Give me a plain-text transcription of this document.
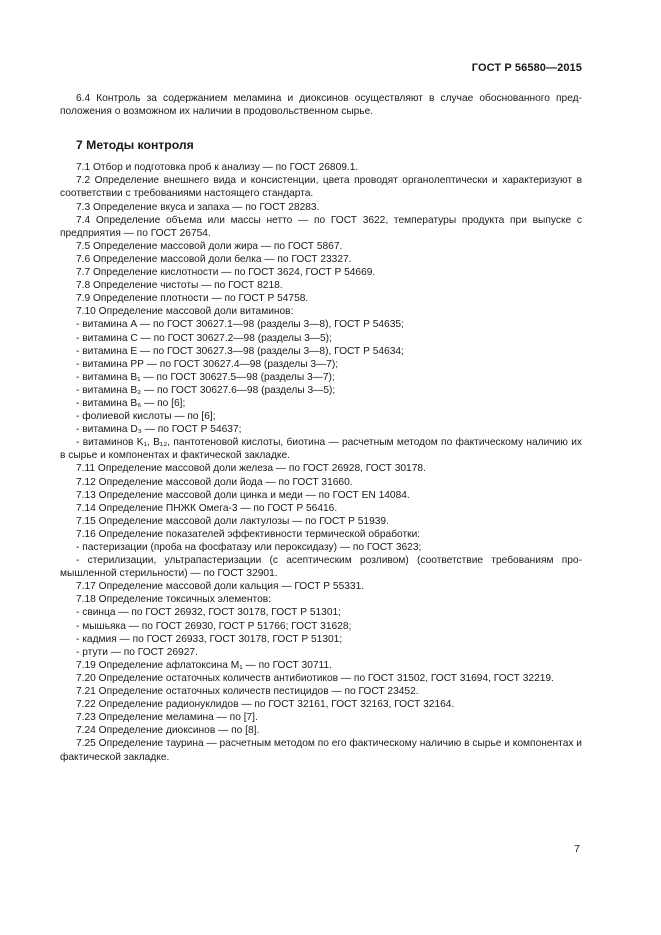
ГОСТ Р 56580—2015

6.4 Контроль за содержанием меламина и диоксинов осуществляют в случае обоснованного предположения о возможном их наличии в продовольственном сырье.

7 Методы контроля

7.1 Отбор и подготовка проб к анализу — по ГОСТ 26809.1.

7.2 Определение внешнего вида и консистенции, цвета проводят органолептически и характеризуют в соответствии с требованиями настоящего стандарта.

7.3 Определение вкуса и запаха — по ГОСТ 28283.

7.4 Определение объема или массы нетто — по ГОСТ 3622, температуры продукта при выпуске с предприятия — по ГОСТ 26754.

7.5 Определение массовой доли жира — по ГОСТ 5867.

7.6 Определение массовой доли белка — по ГОСТ 23327.

7.7 Определение кислотности — по ГОСТ 3624, ГОСТ Р 54669.

7.8 Определение чистоты — по ГОСТ 8218.

7.9 Определение плотности — по ГОСТ Р 54758.

7.10 Определение массовой доли витаминов:

- витамина А — по ГОСТ 30627.1—98 (разделы 3—8), ГОСТ Р 54635;

- витамина С — по ГОСТ 30627.2—98 (разделы 3—5);

- витамина Е — по ГОСТ 30627.3—98 (разделы 3—8), ГОСТ Р 54634;

- витамина РР — по ГОСТ 30627.4—98 (разделы 3—7);

- витамина B₁ — по ГОСТ 30627.5—98 (разделы 3—7);

- витамина B₂ — по ГОСТ 30627.6—98 (разделы 3—5);

- витамина B₆ — по [6];

- фолиевой кислоты — по [6];

- витамина D₃ — по ГОСТ Р 54637;

- витаминов K₁, B₁₂, пантотеновой кислоты, биотина — расчетным методом по фактическому наличию их в сырье и компонентах и фактической закладке.

7.11 Определение массовой доли железа — по ГОСТ 26928, ГОСТ 30178.

7.12 Определение массовой доли йода — по ГОСТ 31660.

7.13 Определение массовой доли цинка и меди — по ГОСТ EN 14084.

7.14 Определение ПНЖК Омега-3 — по ГОСТ Р 56416.

7.15 Определение массовой доли лактулозы — по ГОСТ Р 51939.

7.16 Определение показателей эффективности термической обработки:

- пастеризации (проба на фосфатазу или пероксидазу) — по ГОСТ 3623;

- стерилизации, ультрапастеризации (с асептическим розливом) (соответствие требованиям промышленной стерильности) — по ГОСТ 32901.

7.17 Определение массовой доли кальция — ГОСТ Р 55331.

7.18 Определение токсичных элементов:

- свинца — по ГОСТ 26932, ГОСТ 30178, ГОСТ Р 51301;

- мышьяка — по ГОСТ 26930, ГОСТ Р 51766; ГОСТ 31628;

- кадмия — по ГОСТ 26933, ГОСТ 30178, ГОСТ Р 51301;

- ртути — по ГОСТ 26927.

7.19 Определение афлатоксина M₁ — по ГОСТ 30711.

7.20 Определение остаточных количеств антибиотиков — по ГОСТ 31502, ГОСТ 31694, ГОСТ 32219.

7.21 Определение остаточных количеств пестицидов — по ГОСТ 23452.

7.22 Определение радионуклидов — по ГОСТ 32161, ГОСТ 32163, ГОСТ 32164.

7.23 Определение меламина — по [7].

7.24 Определение диоксинов — по [8].

7.25 Определение таурина — расчетным методом по его фактическому наличию в сырье и компонентах и фактической закладке.

7
